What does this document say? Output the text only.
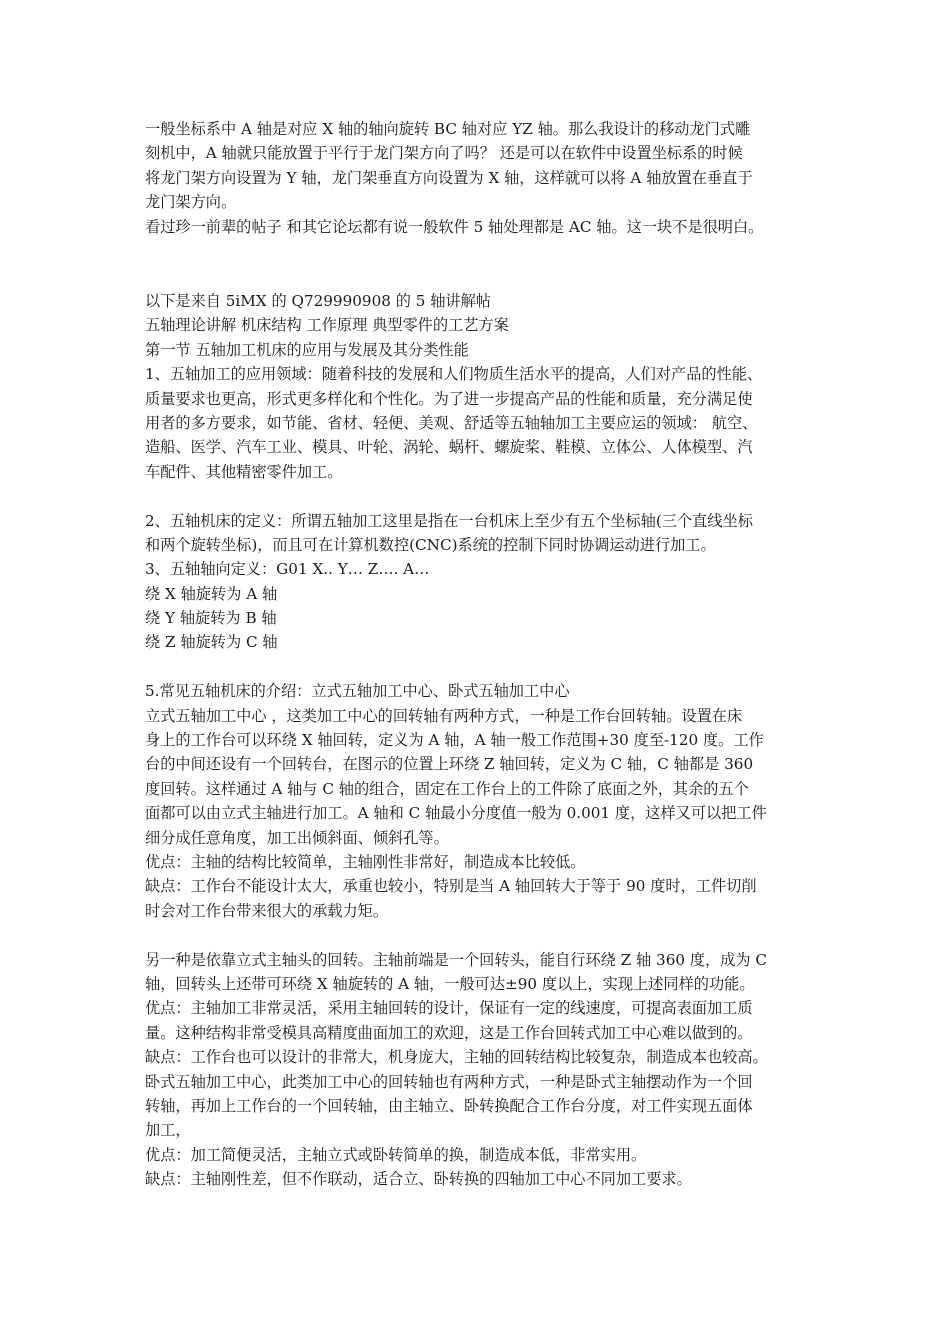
一般坐标系中 A 轴是对应 X 轴的轴向旋转 BC 轴对应 YZ 轴。那么我设计的移动龙门式雕
刻机中，A 轴就只能放置于平行于龙门架方向了吗？ 还是可以在软件中设置坐标系的时候
将龙门架方向设置为 Y 轴，龙门架垂直方向设置为 X 轴，这样就可以将 A 轴放置在垂直于
龙门架方向。
看过珍一前辈的帖子 和其它论坛都有说一般软件 5 轴处理都是 AC 轴。这一块不是很明白。
以下是来自 5iMX 的 Q729990908 的 5 轴讲解帖
五轴理论讲解 机床结构 工作原理 典型零件的工艺方案
第一节 五轴加工机床的应用与发展及其分类性能
1、五轴加工的应用领域：随着科技的发展和人们物质生活水平的提高，人们对产品的性能、
质量要求也更高，形式更多样化和个性化。为了进一步提高产品的性能和质量，充分满足使
用者的多方要求，如节能、省材、轻便、美观、舒适等五轴轴加工主要应运的领域： 航空、
造船、医学、汽车工业、模具、叶轮、涡轮、蜗杆、螺旋桨、鞋模、立体公、人体模型、汽
车配件、其他精密零件加工。
2、五轴机床的定义：所谓五轴加工这里是指在一台机床上至少有五个坐标轴(三个直线坐标
和两个旋转坐标)，而且可在计算机数控(CNC)系统的控制下同时协调运动进行加工。
3、五轴轴向定义：G01 X.. Y… Z…. A…
绕 X 轴旋转为 A 轴
绕 Y 轴旋转为 B 轴
绕 Z 轴旋转为 C 轴
5.常见五轴机床的介绍：立式五轴加工中心、卧式五轴加工中心
立式五轴加工中心 ，这类加工中心的回转轴有两种方式，一种是工作台回转轴。设置在床
身上的工作台可以环绕 X 轴回转，定义为 A 轴，A 轴一般工作范围+30 度至-120 度。工作
台的中间还设有一个回转台，在图示的位置上环绕 Z 轴回转，定义为 C 轴，C 轴都是 360
度回转。这样通过 A 轴与 C 轴的组合，固定在工作台上的工件除了底面之外，其余的五个
面都可以由立式主轴进行加工。A 轴和 C 轴最小分度值一般为 0.001 度，这样又可以把工件
细分成任意角度，加工出倾斜面、倾斜孔等。
优点：主轴的结构比较简单，主轴刚性非常好，制造成本比较低。
缺点：工作台不能设计太大，承重也较小，特别是当 A 轴回转大于等于 90 度时，工件切削
时会对工作台带来很大的承载力矩。
另一种是依靠立式主轴头的回转。主轴前端是一个回转头，能自行环绕 Z 轴 360 度，成为 C
轴，回转头上还带可环绕 X 轴旋转的 A 轴，一般可达±90 度以上，实现上述同样的功能。
优点：主轴加工非常灵活，采用主轴回转的设计，保证有一定的线速度，可提高表面加工质
量。这种结构非常受模具高精度曲面加工的欢迎，这是工作台回转式加工中心难以做到的。
缺点：工作台也可以设计的非常大，机身庞大，主轴的回转结构比较复杂，制造成本也较高。
卧式五轴加工中心，此类加工中心的回转轴也有两种方式，一种是卧式主轴摆动作为一个回
转轴，再加上工作台的一个回转轴，由主轴立、卧转换配合工作台分度，对工件实现五面体
加工，
优点：加工简便灵活，主轴立式或卧转简单的换，制造成本低，非常实用。
缺点：主轴刚性差，但不作联动，适合立、卧转换的四轴加工中心不同加工要求。
